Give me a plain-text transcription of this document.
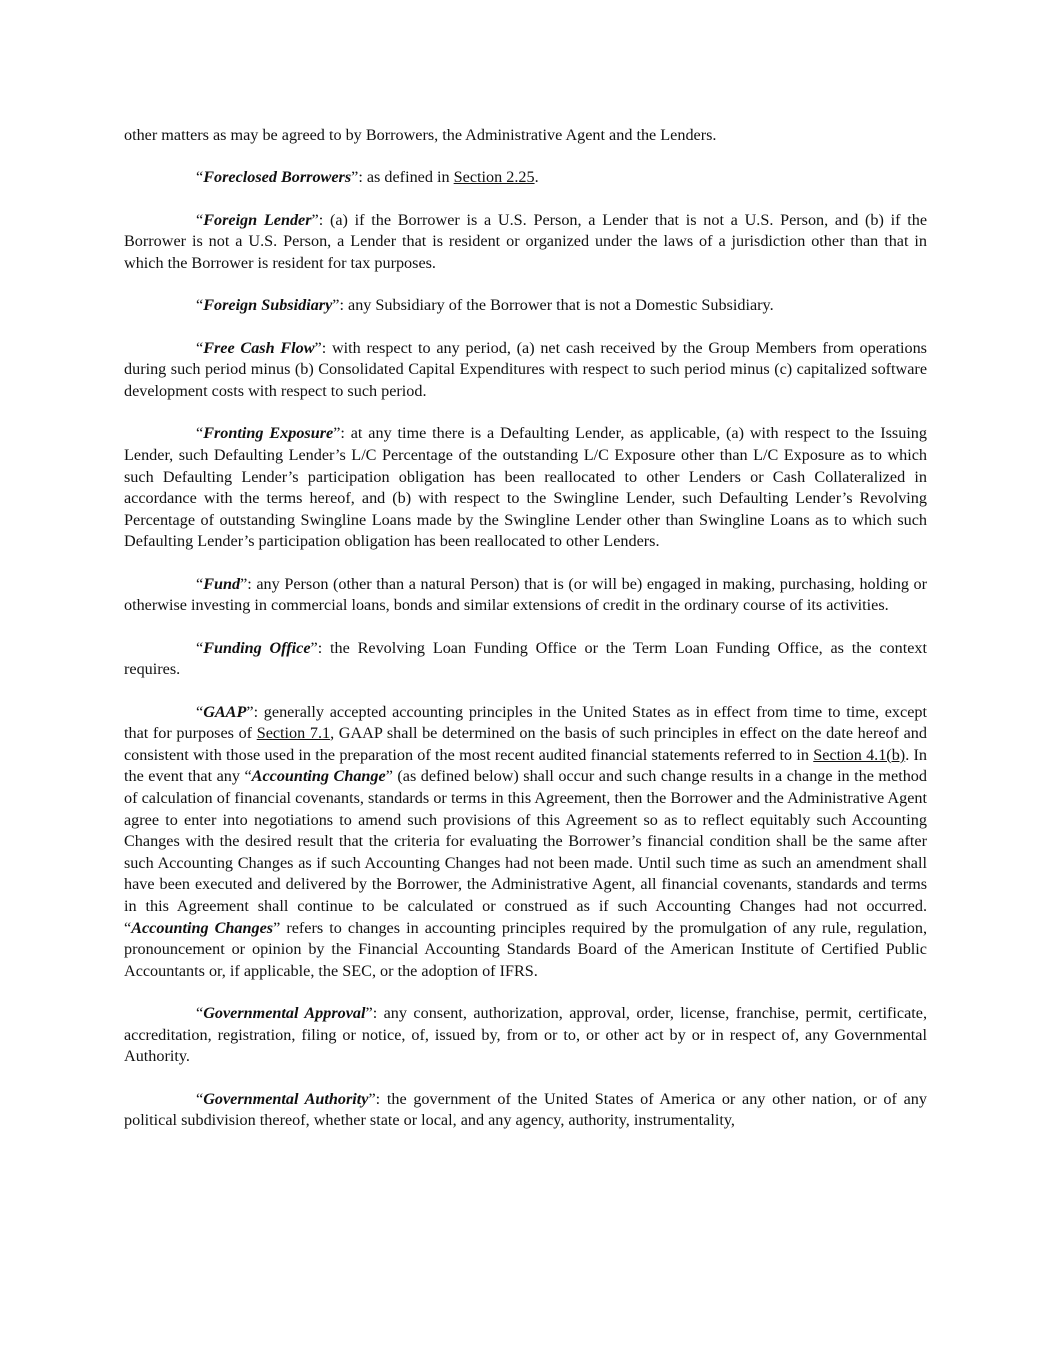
other matters as may be agreed to by Borrowers, the Administrative Agent and the Lenders.

“Foreclosed Borrowers”: as defined in Section 2.25.

“Foreign Lender”: (a) if the Borrower is a U.S. Person, a Lender that is not a U.S. Person, and (b) if the Borrower is not a U.S. Person, a Lender that is resident or organized under the laws of a jurisdiction other than that in which the Borrower is resident for tax purposes.

“Foreign Subsidiary”: any Subsidiary of the Borrower that is not a Domestic Subsidiary.

“Free Cash Flow”: with respect to any period, (a) net cash received by the Group Members from operations during such period minus (b) Consolidated Capital Expenditures with respect to such period minus (c) capitalized software development costs with respect to such period.

“Fronting Exposure”: at any time there is a Defaulting Lender, as applicable, (a) with respect to the Issuing Lender, such Defaulting Lender’s L/C Percentage of the outstanding L/C Exposure other than L/C Exposure as to which such Defaulting Lender’s participation obligation has been reallocated to other Lenders or Cash Collateralized in accordance with the terms hereof, and (b) with respect to the Swingline Lender, such Defaulting Lender’s Revolving Percentage of outstanding Swingline Loans made by the Swingline Lender other than Swingline Loans as to which such Defaulting Lender’s participation obligation has been reallocated to other Lenders.

“Fund”: any Person (other than a natural Person) that is (or will be) engaged in making, purchasing, holding or otherwise investing in commercial loans, bonds and similar extensions of credit in the ordinary course of its activities.

“Funding Office”: the Revolving Loan Funding Office or the Term Loan Funding Office, as the context requires.

“GAAP”: generally accepted accounting principles in the United States as in effect from time to time, except that for purposes of Section 7.1, GAAP shall be determined on the basis of such principles in effect on the date hereof and consistent with those used in the preparation of the most recent audited financial statements referred to in Section 4.1(b). In the event that any “Accounting Change” (as defined below) shall occur and such change results in a change in the method of calculation of financial covenants, standards or terms in this Agreement, then the Borrower and the Administrative Agent agree to enter into negotiations to amend such provisions of this Agreement so as to reflect equitably such Accounting Changes with the desired result that the criteria for evaluating the Borrower’s financial condition shall be the same after such Accounting Changes as if such Accounting Changes had not been made. Until such time as such an amendment shall have been executed and delivered by the Borrower, the Administrative Agent, all financial covenants, standards and terms in this Agreement shall continue to be calculated or construed as if such Accounting Changes had not occurred. “Accounting Changes” refers to changes in accounting principles required by the promulgation of any rule, regulation, pronouncement or opinion by the Financial Accounting Standards Board of the American Institute of Certified Public Accountants or, if applicable, the SEC, or the adoption of IFRS.

“Governmental Approval”: any consent, authorization, approval, order, license, franchise, permit, certificate, accreditation, registration, filing or notice, of, issued by, from or to, or other act by or in respect of, any Governmental Authority.

“Governmental Authority”: the government of the United States of America or any other nation, or of any political subdivision thereof, whether state or local, and any agency, authority, instrumentality,
